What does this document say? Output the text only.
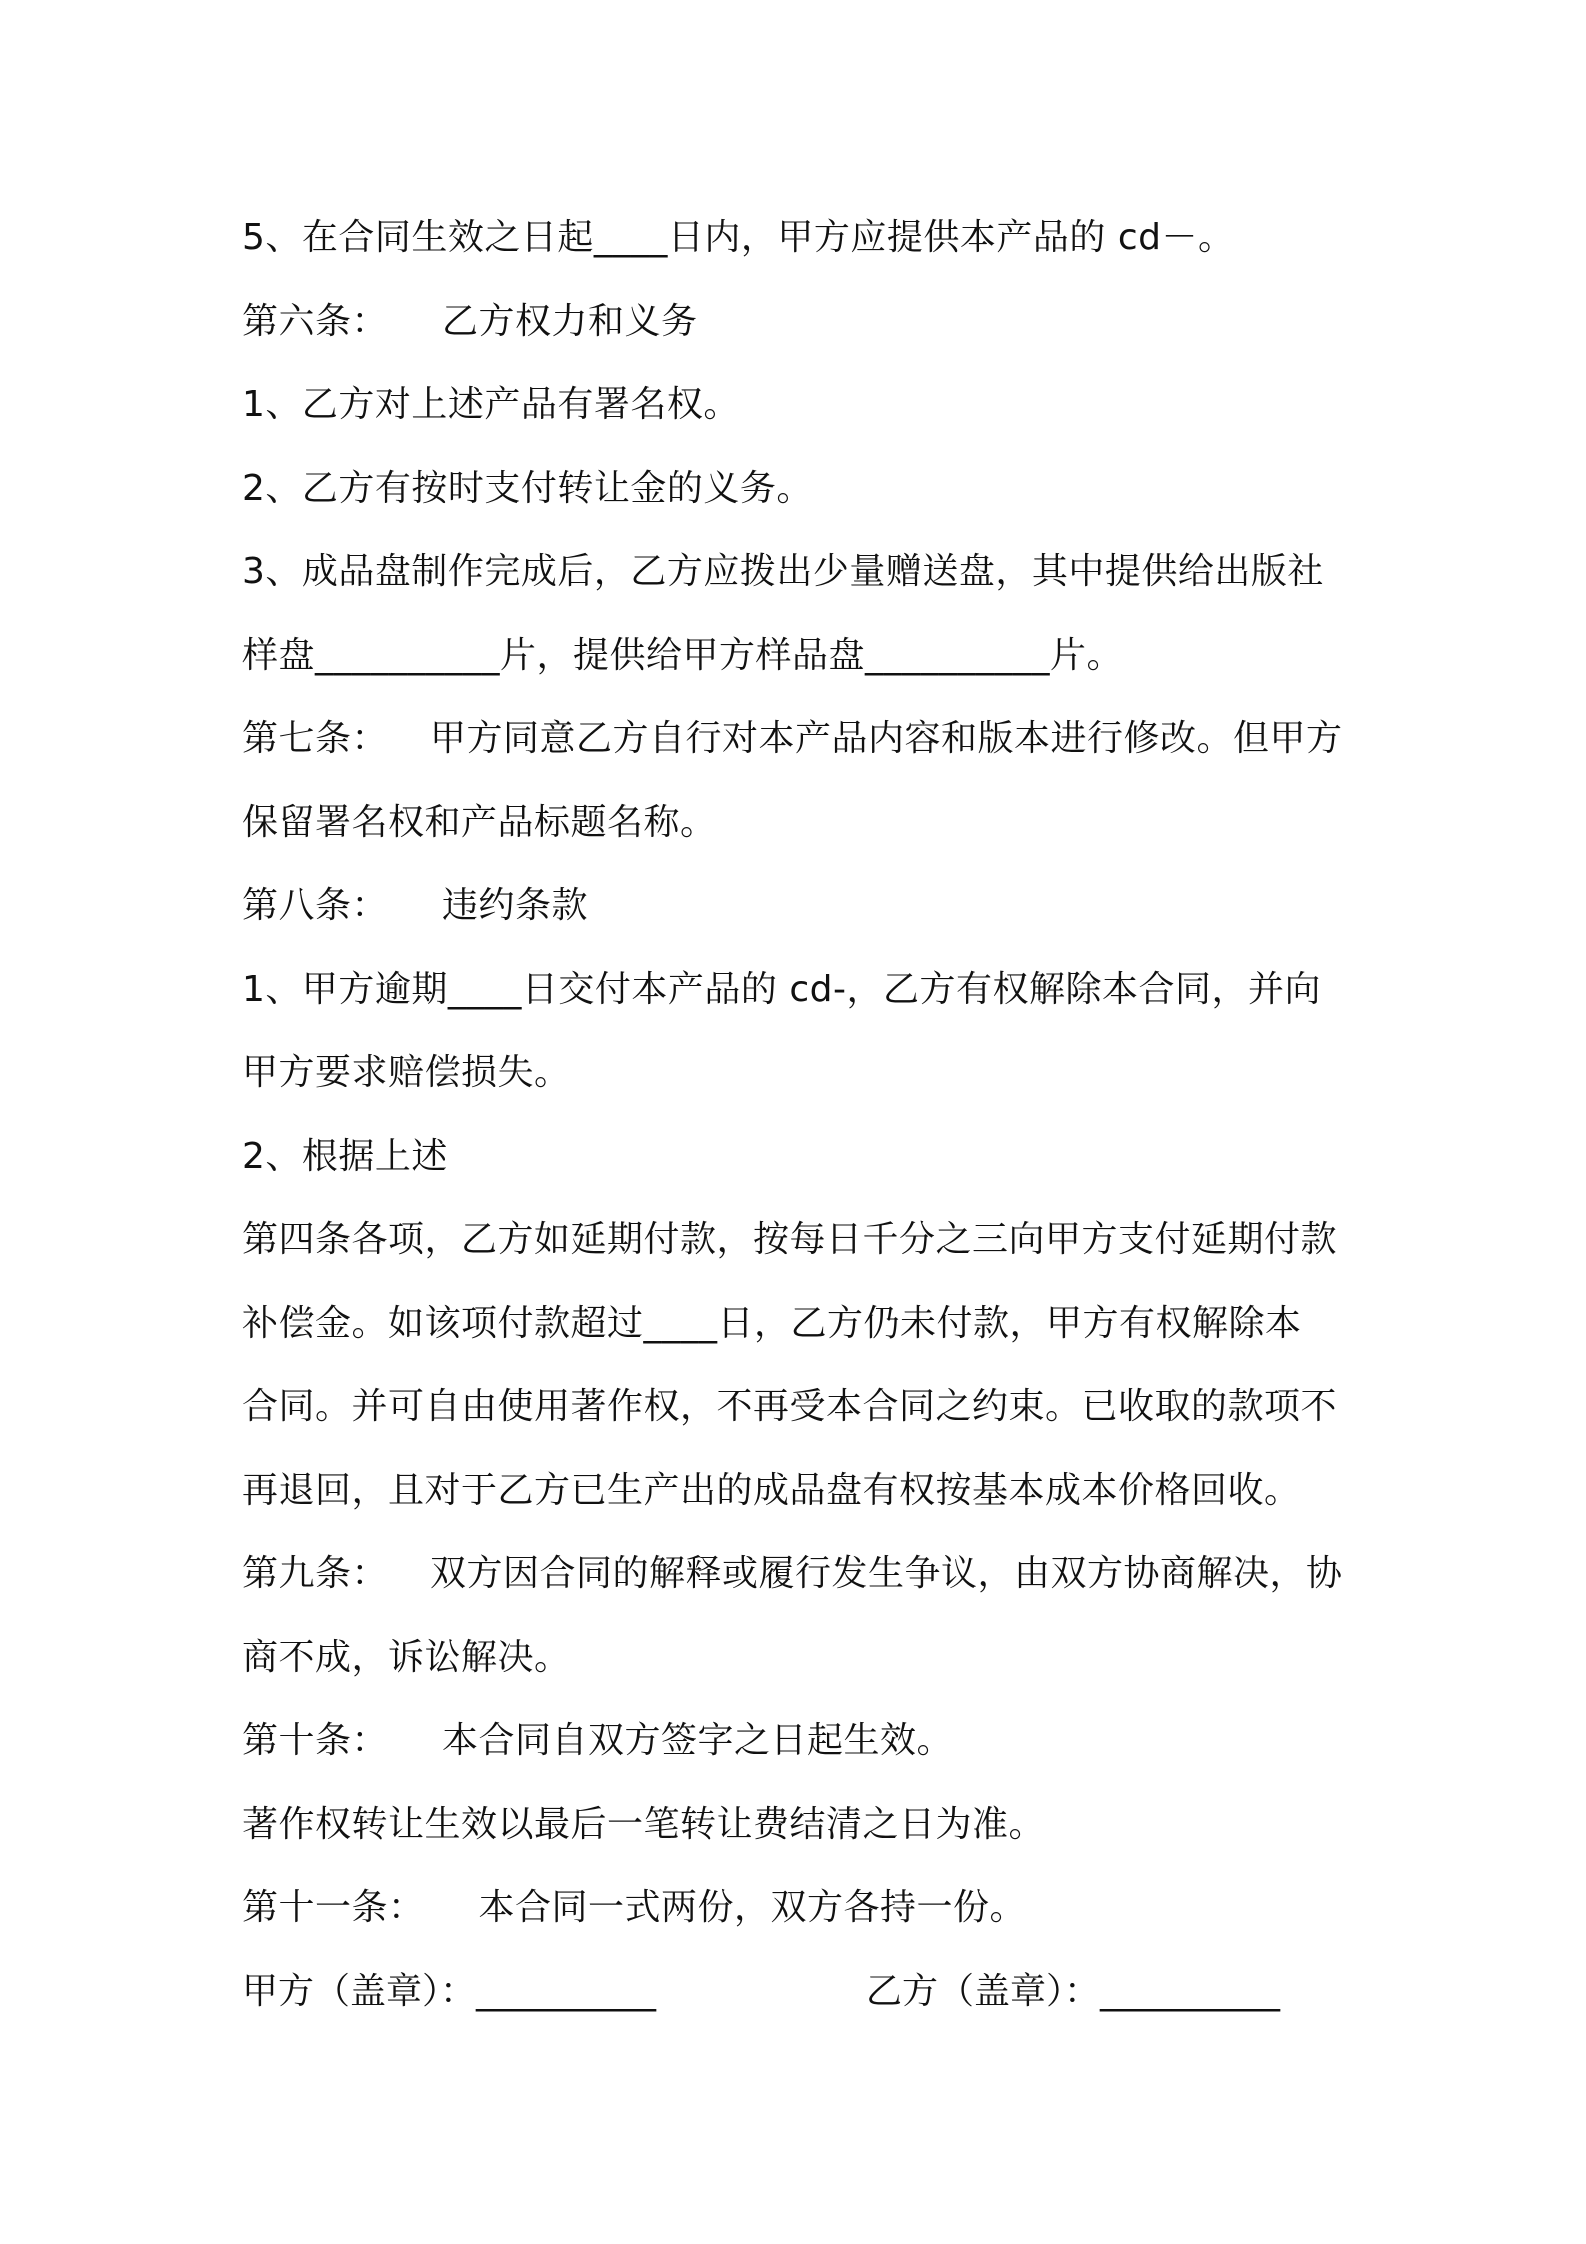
5、在合同生效之日起____日内，甲方应提供本产品的 cd－。
第六条： 乙方权力和义务
1、乙方对上述产品有署名权。
2、乙方有按时支付转让金的义务。
3、成品盘制作完成后，乙方应拨出少量赠送盘，其中提供给出版社
样盘__________片，提供给甲方样品盘__________片。
第七条： 甲方同意乙方自行对本产品内容和版本进行修改。但甲方
保留署名权和产品标题名称。
第八条： 违约条款
1、甲方逾期____日交付本产品的 cd-，乙方有权解除本合同，并向
甲方要求赔偿损失。
2、根据上述
第四条各项，乙方如延期付款，按每日千分之三向甲方支付延期付款
补偿金。如该项付款超过____日，乙方仍未付款，甲方有权解除本
合同。并可自由使用著作权，不再受本合同之约束。已收取的款项不
再退回，且对于乙方已生产出的成品盘有权按基本成本价格回收。
第九条： 双方因合同的解释或履行发生争议，由双方协商解决，协
商不成，诉讼解决。
第十条： 本合同自双方签字之日起生效。
著作权转让生效以最后一笔转让费结清之日为准。
第十一条： 本合同一式两份，双方各持一份。
甲方（盖章）：__________	乙方（盖章）：__________
